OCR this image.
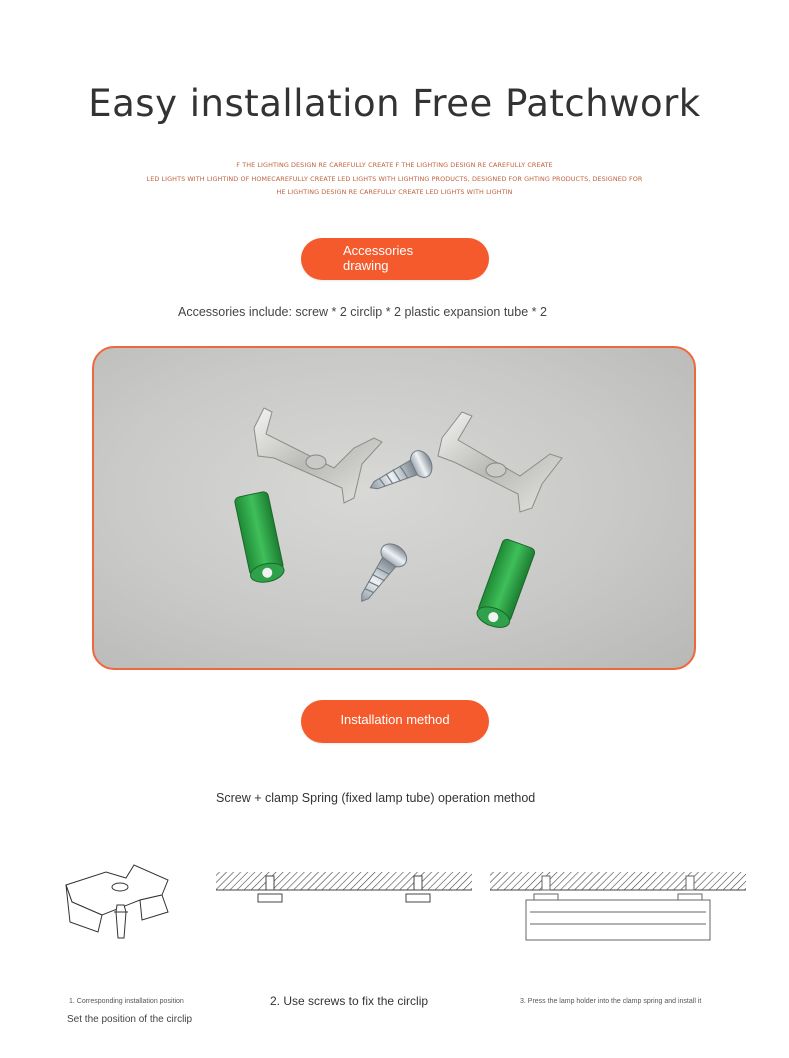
Easy installation Free Patchwork
F THE LIGHTING DESIGN RE CAREFULLY CREATE F THE LIGHTING DESIGN RE CAREFULLY CREATE
LED LIGHTS WITH LIGHTIND OF HOMECAREFULLY CREATE LED LIGHTS WITH LIGHTING PRODUCTS, DESIGNED FOR GHTING PRODUCTS, DESIGNED FOR
HE LIGHTING DESIGN RE CAREFULLY CREATE LED LIGHTS WITH LIGHTIN
Accessories
drawing
Accessories include: screw * 2 circlip * 2 plastic expansion tube * 2
Installation method
Screw + clamp Spring (fixed lamp tube) operation method
1. Corresponding installation position
Set the position of the circlip
2. Use screws to fix the circlip	3. Press the lamp holder into the clamp spring and install it
